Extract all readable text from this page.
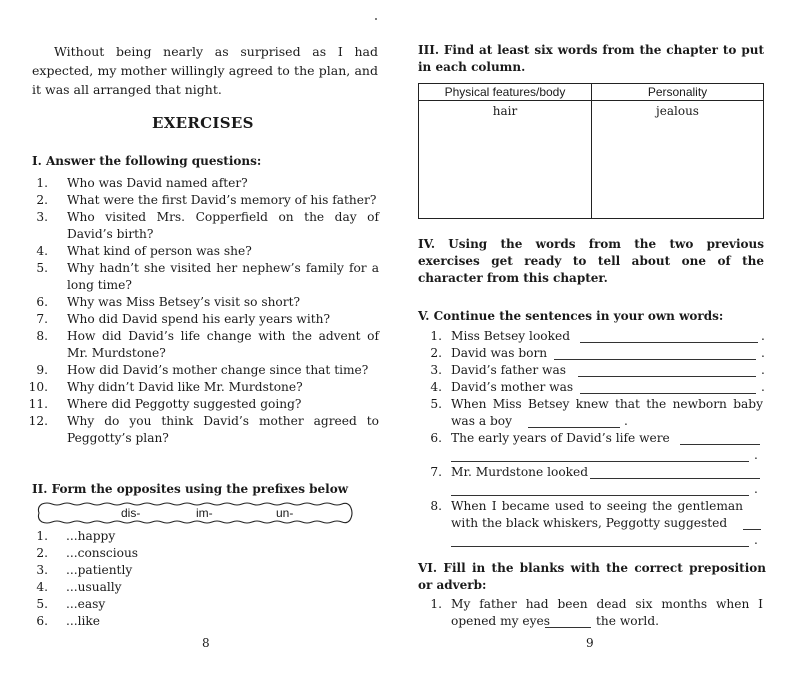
Without being nearly as surprised as I had expected, my mother willingly agreed to the plan, and it was all arranged that night.
EXERCISES
I. Answer the following questions:
1. Who was David named after?
2. What were the first David’s memory of his father?
3. Who visited Mrs. Copperfield on the day of David’s birth?
4. What kind of person was she?
5. Why hadn’t she visited her nephew’s family for a long time?
6. Why was Miss Betsey’s visit so short?
7. Who did David spend his early years with?
8. How did David’s life change with the advent of Mr. Murdstone?
9. How did David’s mother change since that time?
10. Why didn’t David like Mr. Murdstone?
11. Where did Peggotty suggested going?
12. Why do you think David’s mother agreed to Peggotty’s plan?
II. Form the opposites using the prefixes below
dis-	im-	un-
1. ...happy
2. ...conscious
3. ...patiently
4. ...usually
5. ...easy
6. ...like
8
III. Find at least six words from the chapter to put in each column.
Physical features/body	Personality
hair	jealous
IV. Using the words from the two previous exercises get ready to tell about one of the character from this chapter.
V. Continue the sentences in your own words:
1. Miss Betsey looked	.
2. David was born	.
3. David’s father was	.
4. David’s mother was	.
5. When Miss Betsey knew that the newborn baby was a boy	.
6. The early years of David’s life were
.
7. Mr. Murdstone looked
.
8. When I became used to seeing the gentleman with the black whiskers, Peggotty suggested
.
VI. Fill in the blanks with the correct preposition or adverb:
1. My father had been dead six months when I opened my eyes	the world.
9
